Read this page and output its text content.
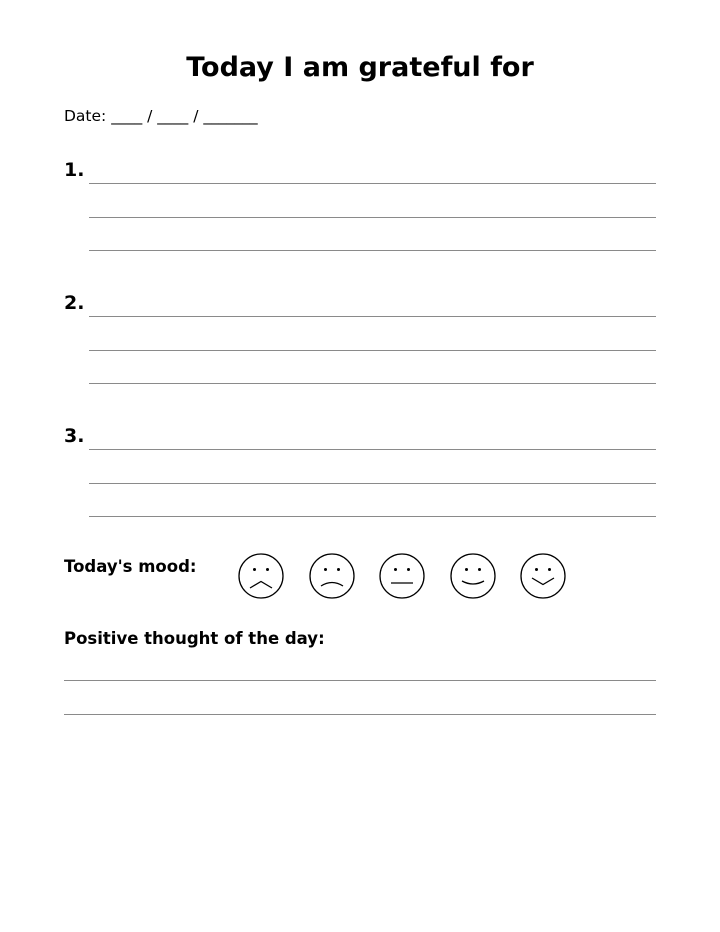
Today I am grateful for
Date: ____ / ____ / _______
1.
2.
3.
Today's mood:
Positive thought of the day:
